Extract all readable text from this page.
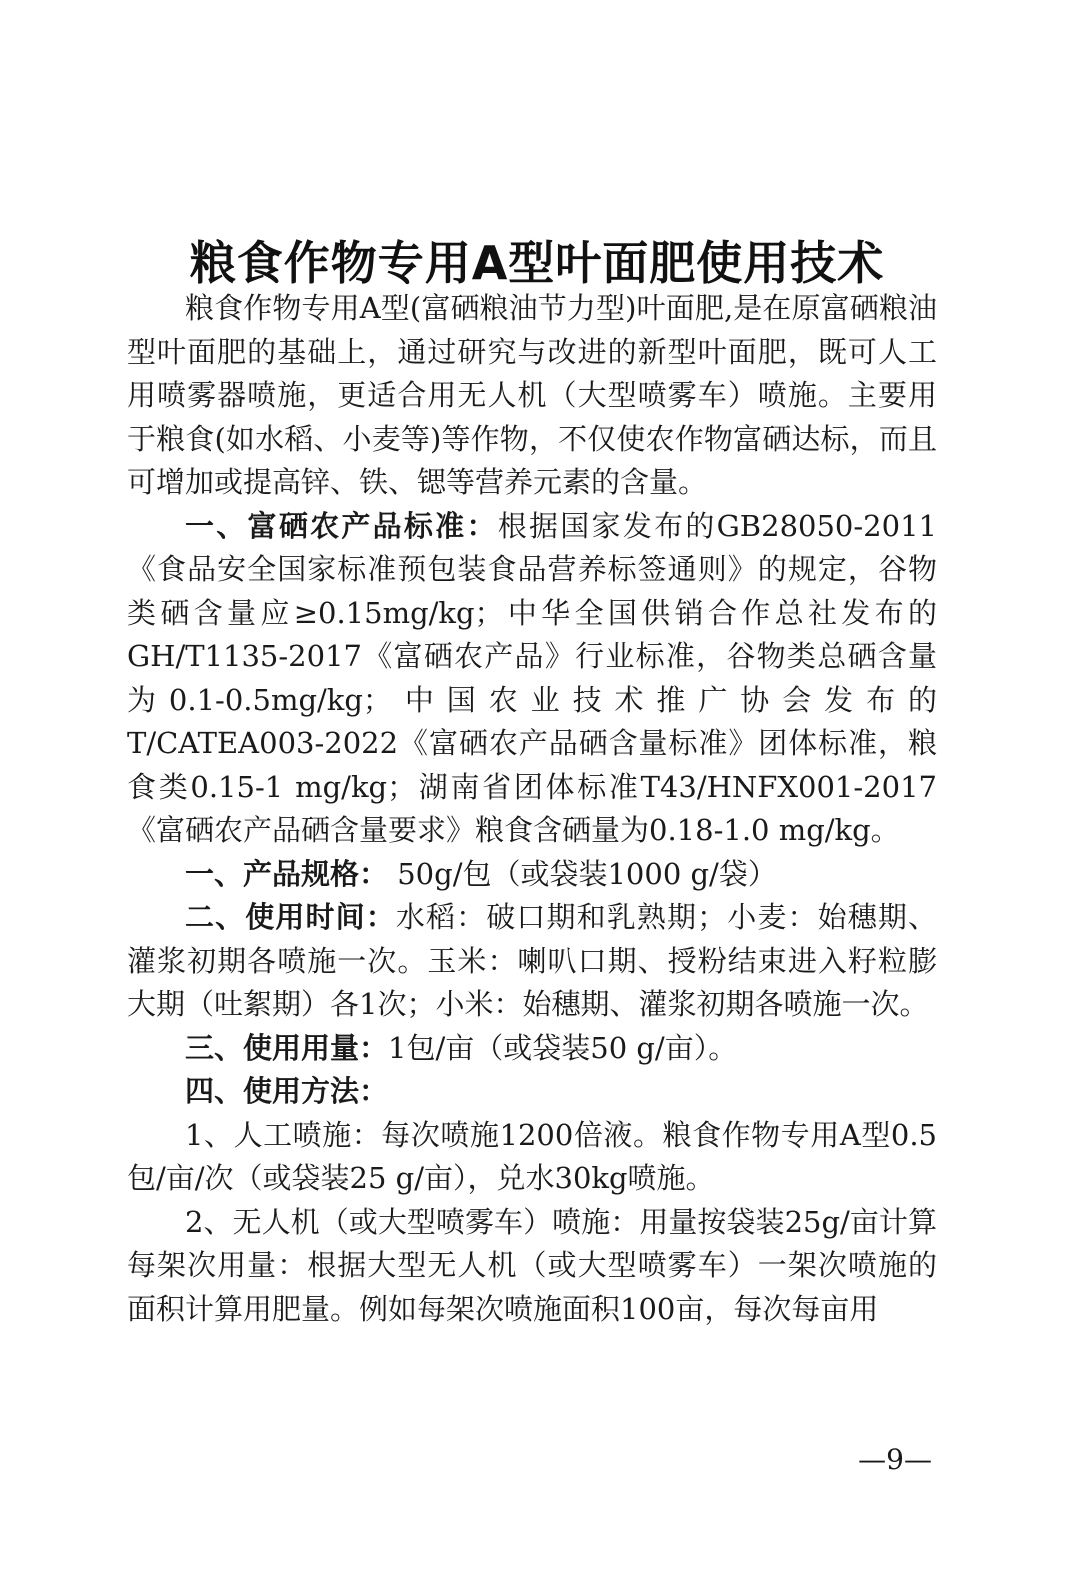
粮食作物专用A型叶面肥使用技术

粮食作物专用A型(富硒粮油节力型)叶面肥,是在原富硒粮油型叶面肥的基础上，通过研究与改进的新型叶面肥，既可人工用喷雾器喷施，更适合用无人机（大型喷雾车）喷施。主要用于粮食(如水稻、小麦等)等作物，不仅使农作物富硒达标，而且可增加或提高锌、铁、锶等营养元素的含量。

一、富硒农产品标准：根据国家发布的GB28050-2011《食品安全国家标准预包装食品营养标签通则》的规定，谷物类硒含量应≥0.15mg/kg；中华全国供销合作总社发布的GH/T1135-2017《富硒农产品》行业标准，谷物类总硒含量为0.1-0.5mg/kg；中国农业技术推广协会发布的T/CATEA003-2022《富硒农产品硒含量标准》团体标准，粮食类0.15-1 mg/kg；湖南省团体标准T43/HNFX001-2017《富硒农产品硒含量要求》粮食含硒量为0.18-1.0 mg/kg。

一、产品规格： 50g/包（或袋装1000 g/袋）

二、使用时间：水稻：破口期和乳熟期；小麦：始穗期、灌浆初期各喷施一次。玉米：喇叭口期、授粉结束进入籽粒膨大期（吐絮期）各1次；小米：始穗期、灌浆初期各喷施一次。

三、使用用量：1包/亩（或袋装50 g/亩）。

四、使用方法：

1、人工喷施：每次喷施1200倍液。粮食作物专用A型0.5包/亩/次（或袋装25 g/亩），兑水30kg喷施。

2、无人机（或大型喷雾车）喷施：用量按袋装25g/亩计算每架次用量：根据大型无人机（或大型喷雾车）一架次喷施的面积计算用肥量。例如每架次喷施面积100亩，每次每亩用

—9—
